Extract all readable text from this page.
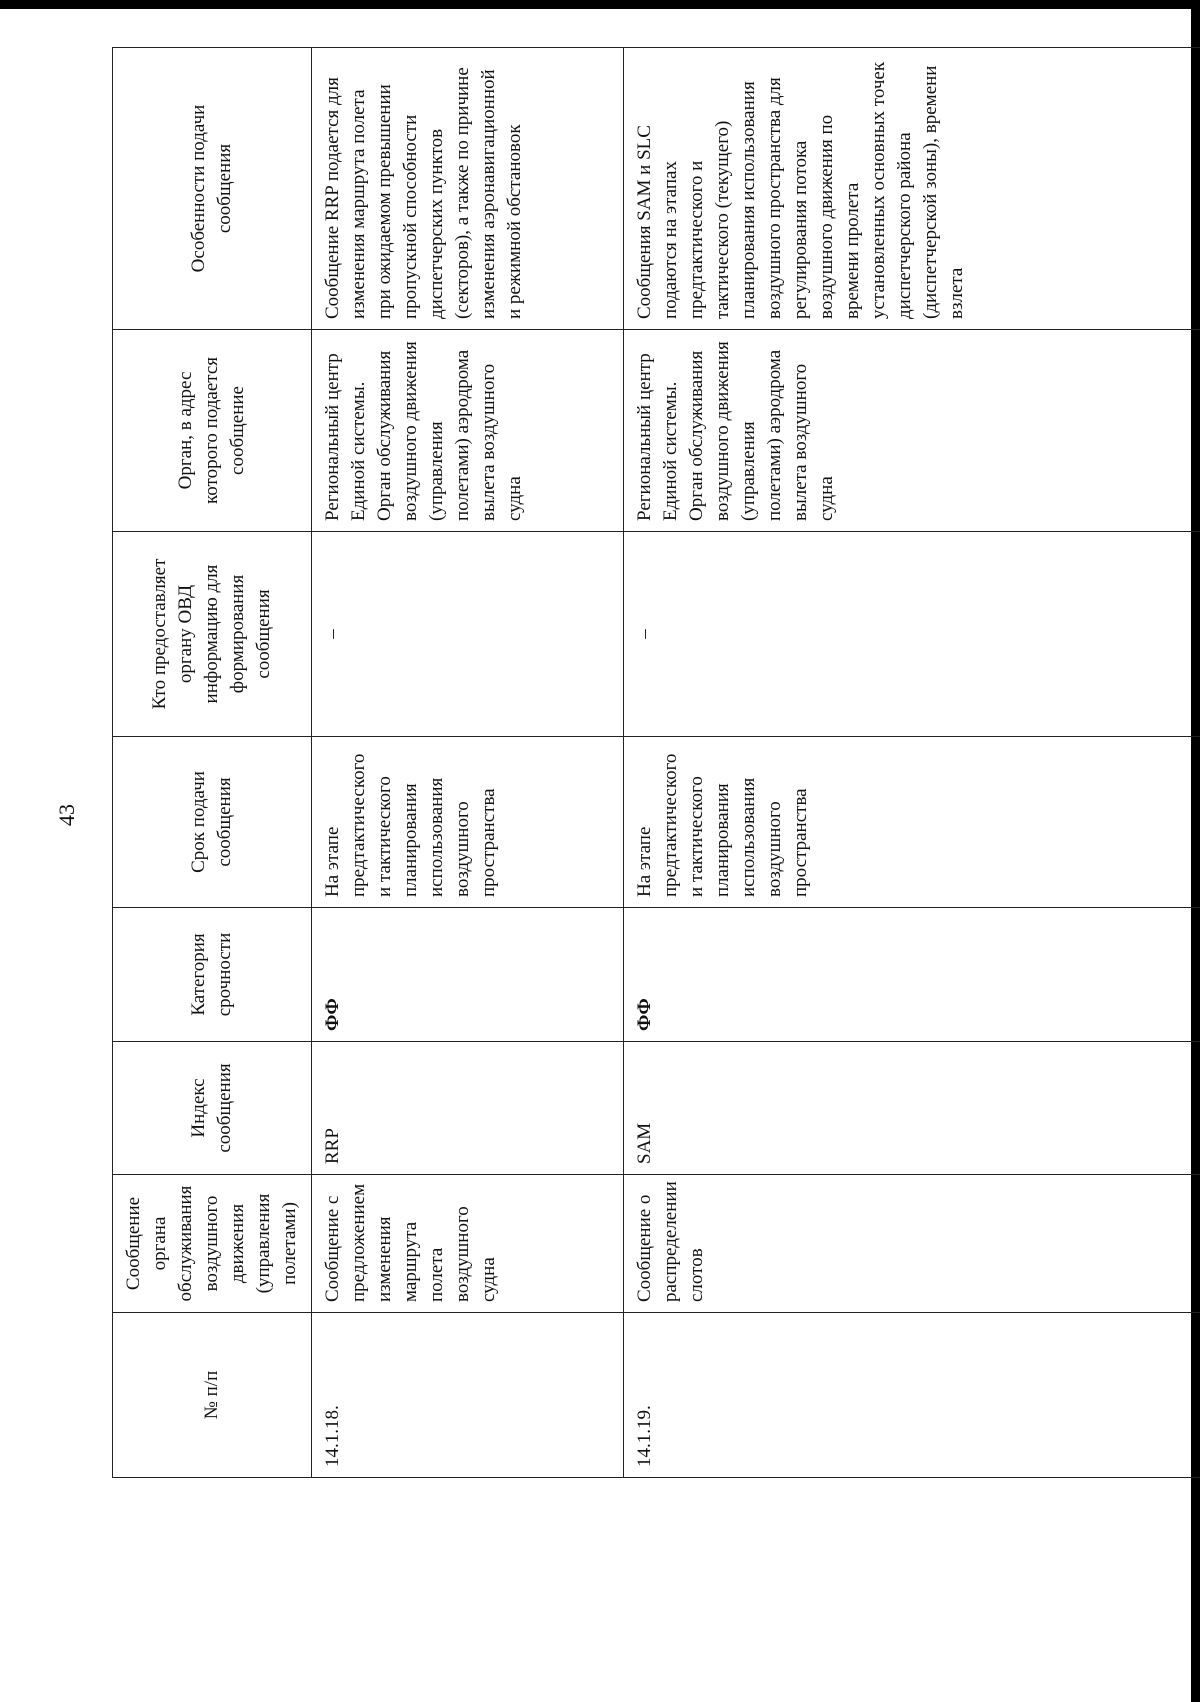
43
№ п/п	Сообщение органа обслуживания воздушного движения (управления полетами)	Индекс сообщения	Категория срочности	Срок подачи сообщения	Кто предоставляет органу ОВД информацию для формирования сообщения	Орган, в адрес которого подается сообщение	Особенности подачи сообщения
14.1.18.	Сообщение с предложением изменения маршрута полета воздушного судна	RRP	ФФ	На этапе предтактического и тактического планирования использования воздушного пространства	–	Региональный центр Единой системы. Орган обслуживания воздушного движения (управления полетами) аэродрома вылета воздушного судна	Сообщение RRP подается для изменения маршрута полета при ожидаемом превышении пропускной способности диспетчерских пунктов (секторов), а также по причине изменения аэронавигационной и режимной обстановок
14.1.19.	Сообщение о распределении слотов	SAM	ФФ	На этапе предтактического и тактического планирования использования воздушного пространства	–	Региональный центр Единой системы. Орган обслуживания воздушного движения (управления полетами) аэродрома вылета воздушного судна	Сообщения SAM и SLC подаются на этапах предтактического и тактического (текущего) планирования использования воздушного пространства для регулирования потока воздушного движения по времени пролета установленных основных точек диспетчерского района (диспетчерской зоны), времени взлета
